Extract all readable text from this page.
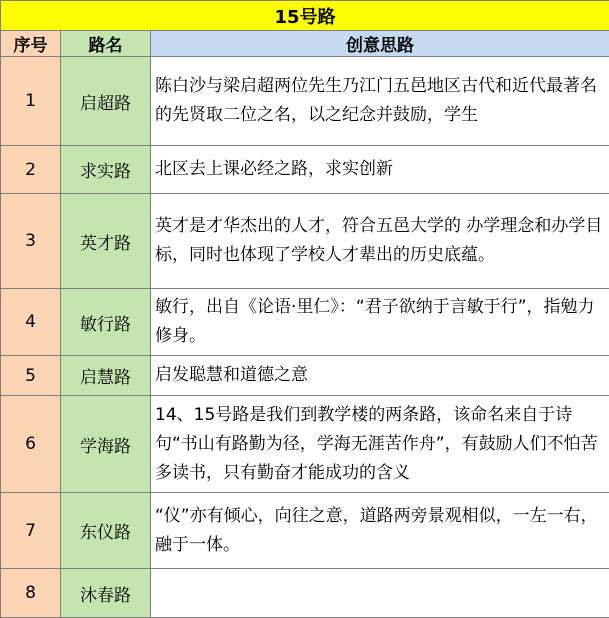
15号路		
序号	路名	创意思路
1	启超路	陈白沙与梁启超两位先生乃江门五邑地区古代和近代最著名的先贤取二位之名，以之纪念并鼓励，学生
2	求实路	北区去上课必经之路，求实创新
3	英才路	英才是才华杰出的人才，符合五邑大学的 办学理念和办学目标，同时也体现了学校人才辈出的历史底蕴。
4	敏行路	敏行，出自《论语·里仁》：“君子欲纳于言敏于行”，指勉力修身。
5	启慧路	启发聪慧和道德之意
6	学海路	14、15号路是我们到教学楼的两条路，该命名来自于诗句“书山有路勤为径，学海无涯苦作舟”，有鼓励人们不怕苦多读书，只有勤奋才能成功的含义
7	东仪路	“仪”亦有倾心，向往之意，道路两旁景观相似，一左一右，融于一体。
8	沐春路	
